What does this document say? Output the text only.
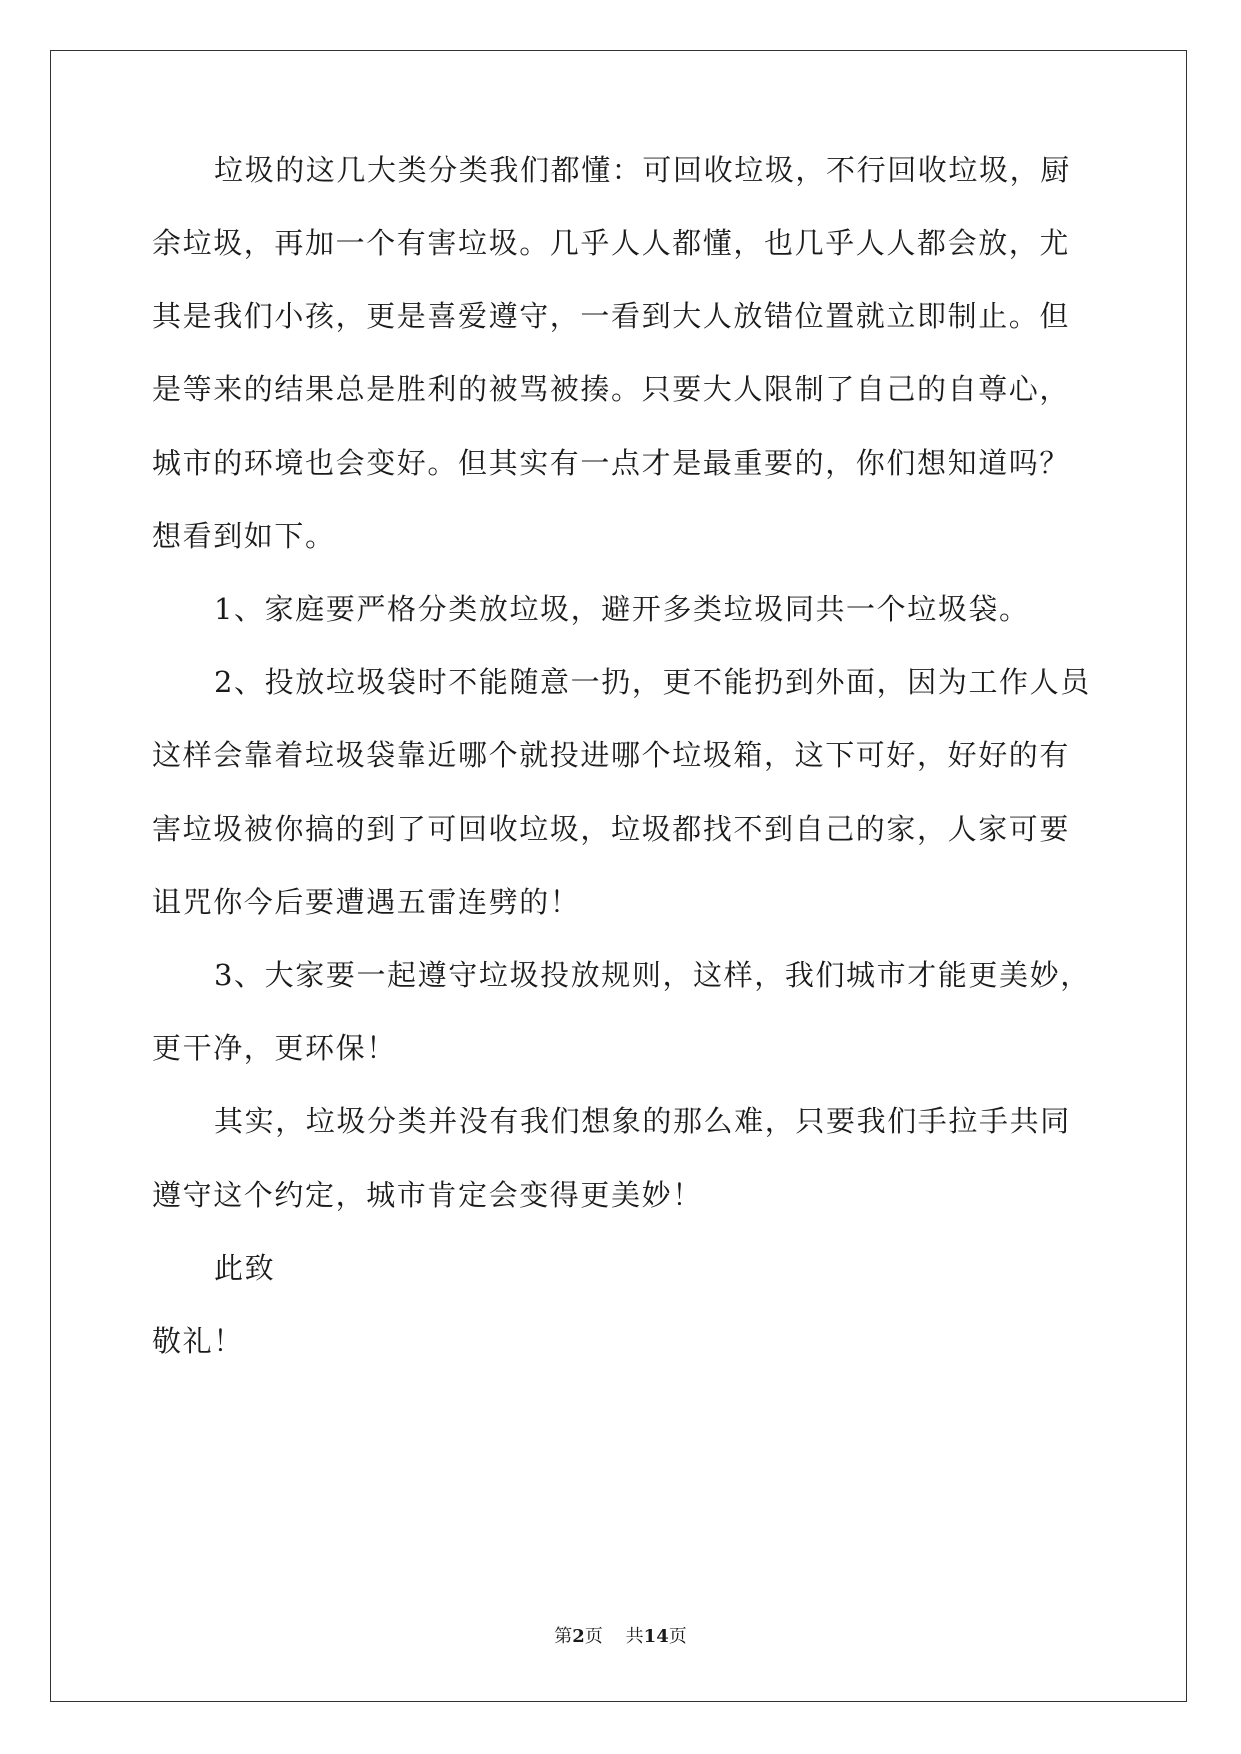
垃圾的这几大类分类我们都懂：可回收垃圾，不行回收垃圾，厨
余垃圾，再加一个有害垃圾。几乎人人都懂，也几乎人人都会放，尤
其是我们小孩，更是喜爱遵守，一看到大人放错位置就立即制止。但
是等来的结果总是胜利的被骂被揍。只要大人限制了自己的自尊心，
城市的环境也会变好。但其实有一点才是最重要的，你们想知道吗？
想看到如下。
1、家庭要严格分类放垃圾，避开多类垃圾同共一个垃圾袋。
2、投放垃圾袋时不能随意一扔，更不能扔到外面，因为工作人员
这样会靠着垃圾袋靠近哪个就投进哪个垃圾箱，这下可好，好好的有
害垃圾被你搞的到了可回收垃圾，垃圾都找不到自己的家，人家可要
诅咒你今后要遭遇五雷连劈的！
3、大家要一起遵守垃圾投放规则，这样，我们城市才能更美妙，
更干净，更环保！
其实，垃圾分类并没有我们想象的那么难，只要我们手拉手共同
遵守这个约定，城市肯定会变得更美妙！
此致
敬礼！
第2页 共14页
